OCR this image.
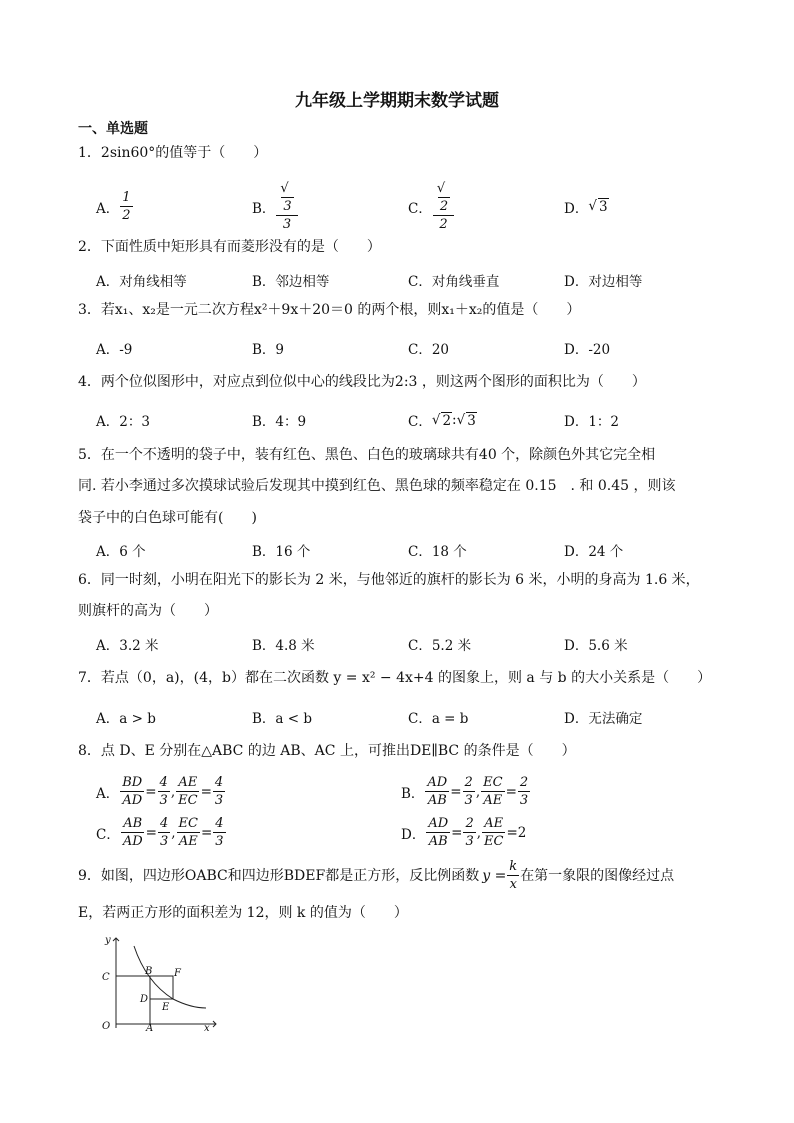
九年级上学期期末数学试题
一、单选题
1．2sin60°的值等于（　　）
A． $\frac{1}{2}$	B． √
3
3	C． √
2
2	D． √ 3
2．下面性质中矩形具有而菱形没有的是（　　）
A．对角线相等	B．邻边相等	C．对角线垂直	D．对边相等
3．若x₁、x₂是一元二次方程x²＋9x＋20＝0 的两个根，则x₁＋x₂的值是（　　）
A．-9	B．9	C．20	D．-20
4．两个位似图形中，对应点到位似中心的线段比为2:3 ，则这两个图形的面积比为（　　）
A．2：3	B．4：9	C． √ 2 : √ 3	D．1：2
5．在一个不透明的袋子中，装有红色、黑色、白色的玻璃球共有40 个，除颜色外其它完全相
同. 若小李通过多次摸球试验后发现其中摸到红色、黑色球的频率稳定在 0.15　. 和 0.45 ，则该
袋子中的白色球可能有(　　)
A．6 个	B．16 个	C．18 个	D．24 个
6．同一时刻，小明在阳光下的影长为 2 米，与他邻近的旗杆的影长为 6 米，小明的身高为 1.6 米，
则旗杆的高为（　　）
A．3.2 米	B．4.8 米	C．5.2 米	D．5.6 米
7．若点（0，a)，(4，b）都在二次函数 y = x² − 4x+4 的图象上，则 a 与 b 的大小关系是（　　）
A．a > b	B．a < b	C．a = b	D．无法确定
8．点 D、E 分别在△ABC 的边 AB、AC 上，可推出DE∥BC 的条件是（　　）
A． $\frac{BD}{AD} = \frac{4}{3}$ , $\frac{AE}{EC} = \frac{4}{3}$	B． $\frac{AD}{AB} = \frac{2}{3}$ , $\frac{EC}{AE} = \frac{2}{3}$
C． $\frac{AB}{AD} = \frac{4}{3}$ , $\frac{EC}{AE} = \frac{4}{3}$	D． $\frac{AD}{AB} = \frac{2}{3}$ , $\frac{AE}{EC} = 2$
9．如图，四边形OABC和四边形BDEF都是正方形，反比例函数 $y = \frac{k}{x}$ 在第一象限的图像经过点
E，若两正方形的面积差为 12，则 k 的值为（　　）
y
x
O	A
B
C
D
E
F
